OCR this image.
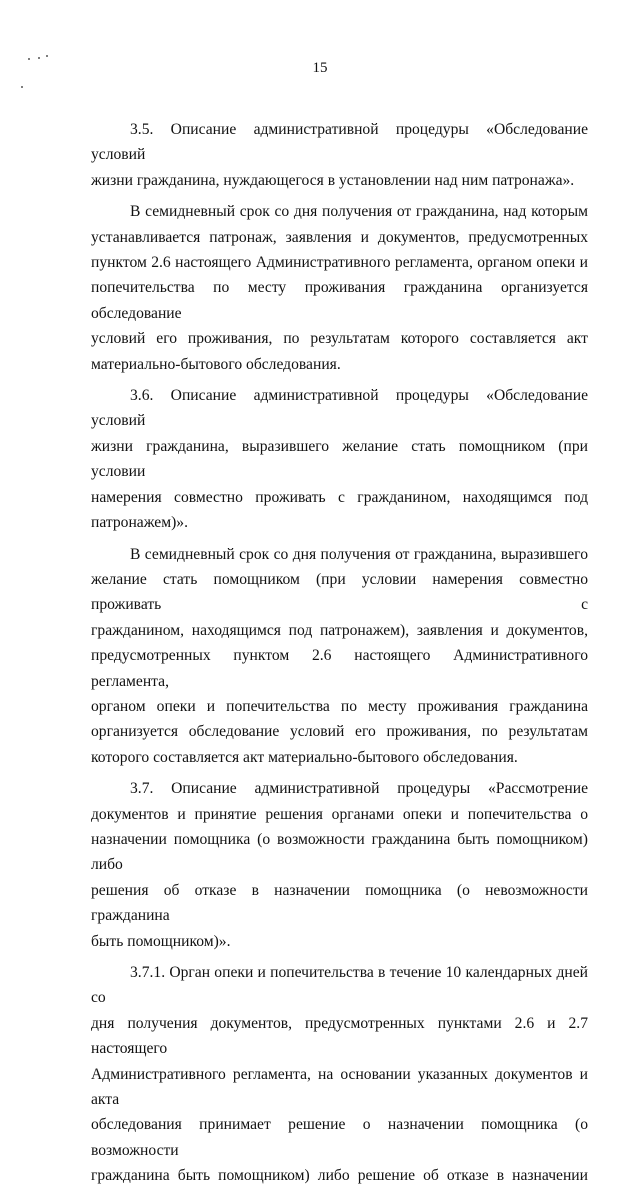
15

3.5. Описание административной процедуры «Обследование условий
жизни гражданина, нуждающегося в установлении над ним патронажа».

В семидневный срок со дня получения от гражданина, над которым
устанавливается патронаж, заявления и документов, предусмотренных
пунктом 2.6 настоящего Административного регламента, органом опеки и
попечительства по месту проживания гражданина организуется обследование
условий его проживания, по результатам которого составляется акт
материально-бытового обследования.

3.6. Описание административной процедуры «Обследование условий
жизни гражданина, выразившего желание стать помощником (при условии
намерения совместно проживать с гражданином, находящимся под
патронажем)».

В семидневный срок со дня получения от гражданина, выразившего
желание стать помощником (при условии намерения совместно проживать с
гражданином, находящимся под патронажем), заявления и документов,
предусмотренных пунктом 2.6 настоящего Административного регламента,
органом опеки и попечительства по месту проживания гражданина
организуется обследование условий его проживания, по результатам
которого составляется акт материально-бытового обследования.

3.7. Описание административной процедуры «Рассмотрение
документов и принятие решения органами опеки и попечительства о
назначении помощника (о возможности гражданина быть помощником) либо
решения об отказе в назначении помощника (о невозможности гражданина
быть помощником)».

3.7.1. Орган опеки и попечительства в течение 10 календарных дней со
дня получения документов, предусмотренных пунктами 2.6 и 2.7 настоящего
Административного регламента, на основании указанных документов и акта
обследования принимает решение о назначении помощника (о возможности
гражданина быть помощником) либо решение об отказе в назначении
